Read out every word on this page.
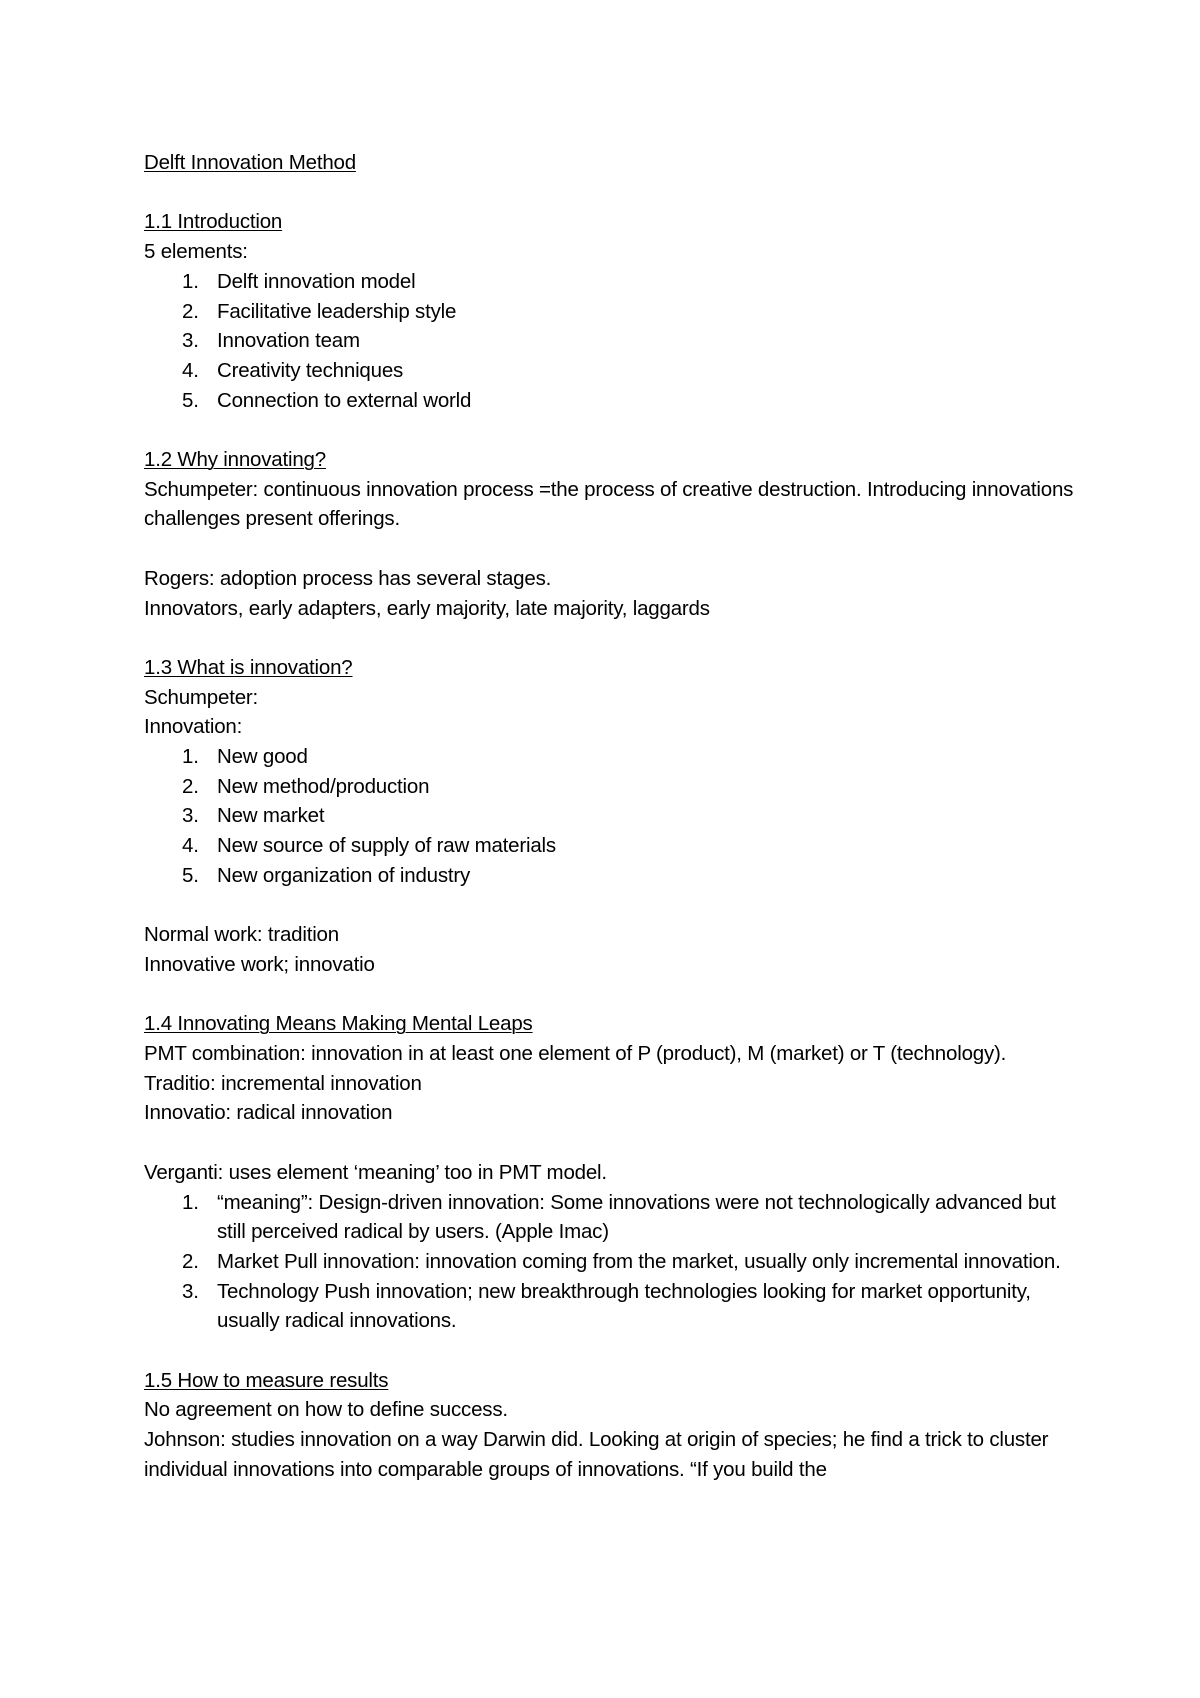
Delft Innovation Method

1.1 Introduction

5 elements:

1. Delft innovation model
2. Facilitative leadership style
3. Innovation team
4. Creativity techniques
5. Connection to external world

1.2 Why innovating?

Schumpeter: continuous innovation process =the process of creative destruction. Introducing innovations challenges present offerings.

Rogers: adoption process has several stages.

Innovators, early adapters, early majority, late majority, laggards

1.3 What is innovation?

Schumpeter:

Innovation:

1. New good
2. New method/production
3. New market
4. New source of supply of raw materials
5. New organization of industry

Normal work: tradition

Innovative work; innovatio

1.4 Innovating Means Making Mental Leaps

PMT combination: innovation in at least one element of P (product), M (market) or T (technology).

Traditio: incremental innovation

Innovatio: radical innovation

Verganti: uses element ‘meaning’ too in PMT model.

1. “meaning”: Design-driven innovation: Some innovations were not technologically advanced but still perceived radical by users. (Apple Imac)
2. Market Pull innovation: innovation coming from the market, usually only incremental innovation.
3. Technology Push innovation; new breakthrough technologies looking for market opportunity, usually radical innovations.

1.5 How to measure results

No agreement on how to define success.

Johnson: studies innovation on a way Darwin did. Looking at origin of species; he find a trick to cluster individual innovations into comparable groups of innovations. “If you build the
